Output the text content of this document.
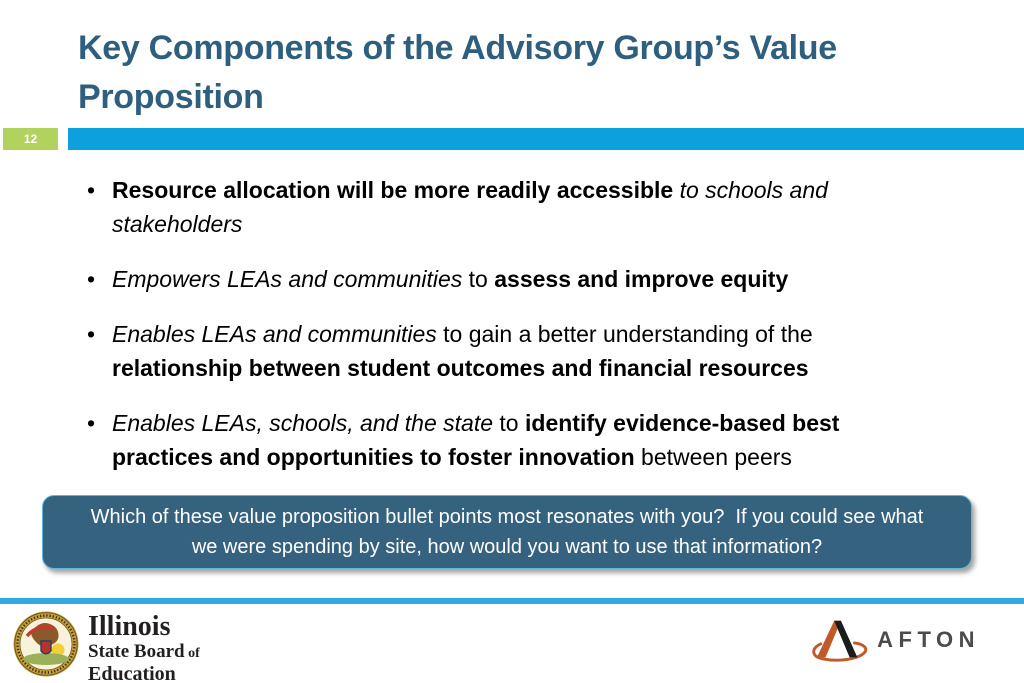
Key Components of the Advisory Group’s Value Proposition
12
• Resource allocation will be more readily accessible to schools and stakeholders
• Empowers LEAs and communities to assess and improve equity
• Enables LEAs and communities to gain a better understanding of the relationship between student outcomes and financial resources
• Enables LEAs, schools, and the state to identify evidence-based best practices and opportunities to foster innovation between peers

Which of these value proposition bullet points most resonates with you?  If you could see what we were spending by site, how would you want to use that information?

Illinois
State Board of
Education
AFTON
